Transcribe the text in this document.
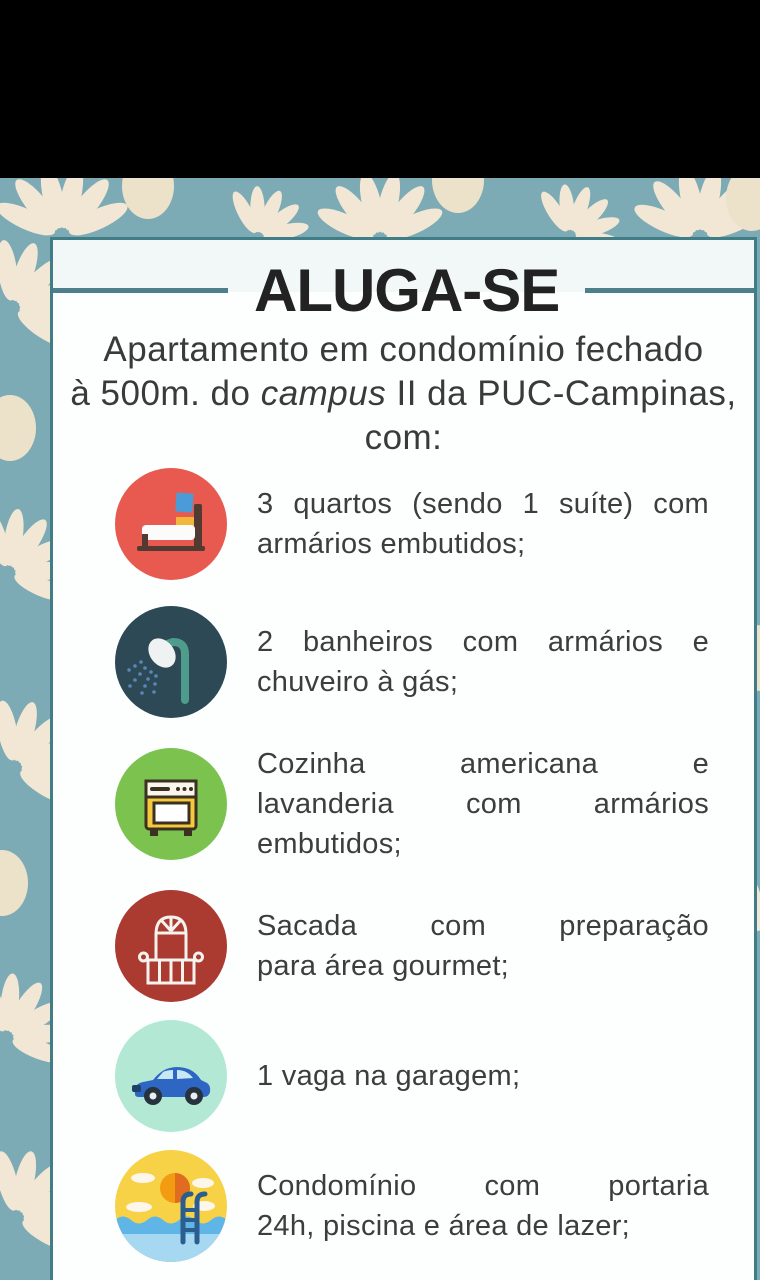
ALUGA-SE

Apartamento em condomínio fechado
à 500m. do campus II da PUC-Campinas,
com:

3 quartos (sendo 1 suíte) com
armários embutidos;
2 banheiros com armários e
chuveiro à gás;
Cozinha americana e
lavanderia com armários
embutidos;
Sacada com preparação
para área gourmet;
1 vaga na garagem;
Condomínio com portaria
24h, piscina e área de lazer;
